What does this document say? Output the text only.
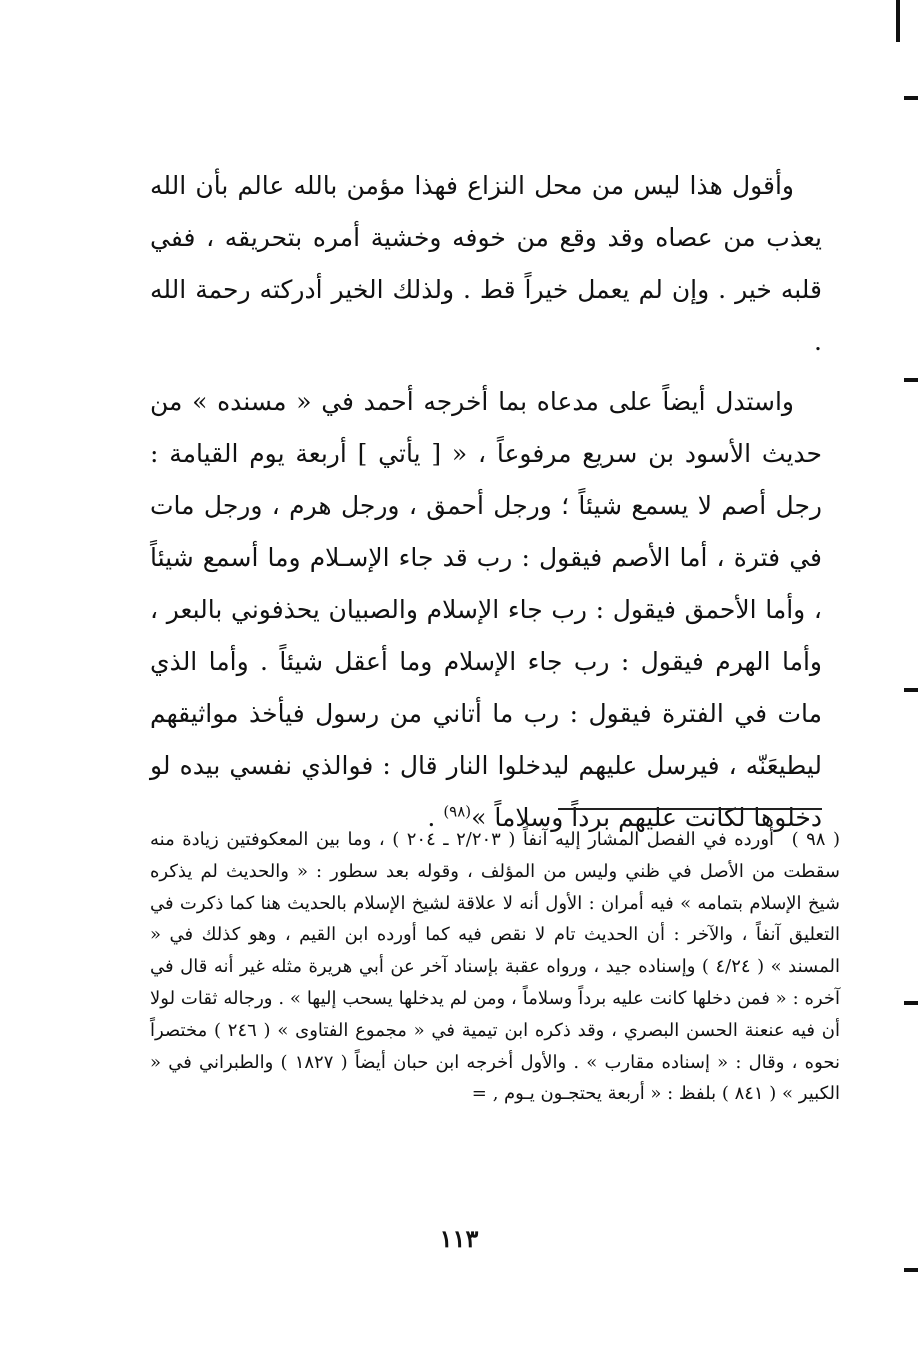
وأقول هذا ليس من محل النزاع فهذا مؤمن بالله عالم بأن الله يعذب من عصاه وقد وقع من خوفه وخشية أمره بتحريقه ، ففي قلبه خير . وإن لم يعمل خيراً قط . ولذلك الخير أدركته رحمة الله .

واستدل أيضاً على مدعاه بما أخرجه أحمد في « مسنده » من حديث الأسود بن سريع مرفوعاً ، « [ يأتي ] أربعة يوم القيامة : رجل أصم لا يسمع شيئاً ؛ ورجل أحمق ، ورجل هرم ، ورجل مات في فترة ، أما الأصم فيقول : رب قد جاء الإسـلام وما أسمع شيئاً ، وأما الأحمق فيقول : رب جاء الإسلام والصبيان يحذفوني بالبعر ، وأما الهرم فيقول : رب جاء الإسلام وما أعقل شيئاً . وأما الذي مات في الفترة فيقول : رب ما أتاني من رسول فيأخذ مواثيقهم ليطيعَنّه ، فيرسل عليهم ليدخلوا النار قال : فوالذي نفسي بيده لو دخلوها لكانت عليهم برداً وسلاماً »$^{(٩٨)}$ .

( ٩٨ ) أورده في الفصل المشار إليه آنفاً ( ٢/٢٠٣ ـ ٢٠٤ ) ، وما بين المعكوفتين زيادة منه سقطت من الأصل في ظني وليس من المؤلف ، وقوله بعد سطور : « والحديث لم يذكره شيخ الإسلام بتمامه » فيه أمران : الأول أنه لا علاقة لشيخ الإسلام بالحديث هنا كما ذكرت في التعليق آنفاً ، والآخر : أن الحديث تام لا نقص فيه كما أورده ابن القيم ، وهو كذلك في « المسند » ( ٤/٢٤ ) وإسناده جيد ، ورواه عقبة بإسناد آخر عن أبي هريرة مثله غير أنه قال في آخره : « فمن دخلها كانت عليه برداً وسلاماً ، ومن لم يدخلها يسحب إليها » . ورجاله ثقات لولا أن فيه عنعنة الحسن البصري ، وقد ذكره ابن تيمية في « مجموع الفتاوى » ( ٢٤٦ ) مختصراً نحوه ، وقال : « إسناده مقارب » . والأول أخرجه ابن حبان أيضاً ( ١٨٢٧ ) والطبراني في « الكبير » ( ٨٤١ ) بلفظ : « أربعة يحتجـون يـوم ‚ =
١١٣
